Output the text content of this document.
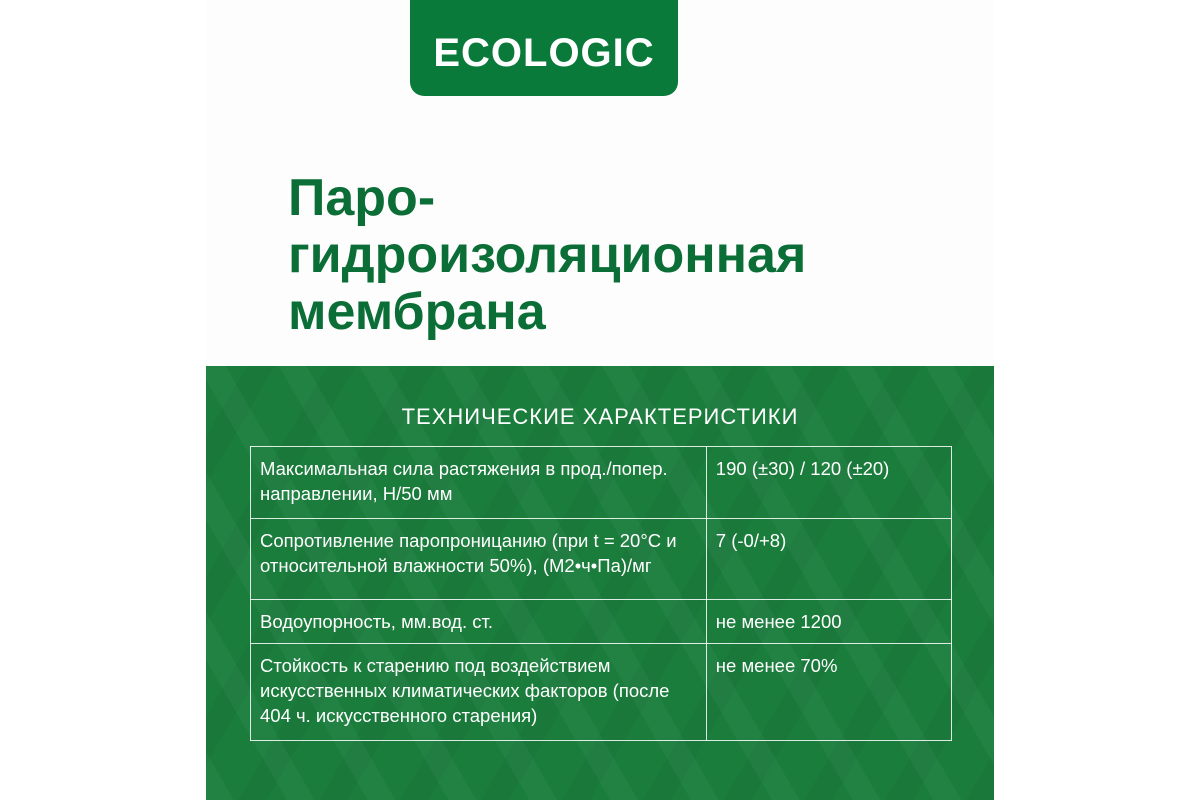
ECOLOGIC
Паро-
гидроизоляционная
мембрана
ТЕХНИЧЕСКИЕ ХАРАКТЕРИСТИКИ
Максимальная сила растяжения в прод./попер. направлении, Н/50 мм	190 (±30) / 120 (±20)
Сопротивление паропроницанию (при t = 20°С и относительной влажности 50%), (М2•ч•Па)/мг	7 (-0/+8)
Водоупорность, мм.вод. ст.	не менее 1200
Стойкость к старению под воздействием искусственных климатических факторов (после 404 ч. искусственного старения)	не менее 70%
